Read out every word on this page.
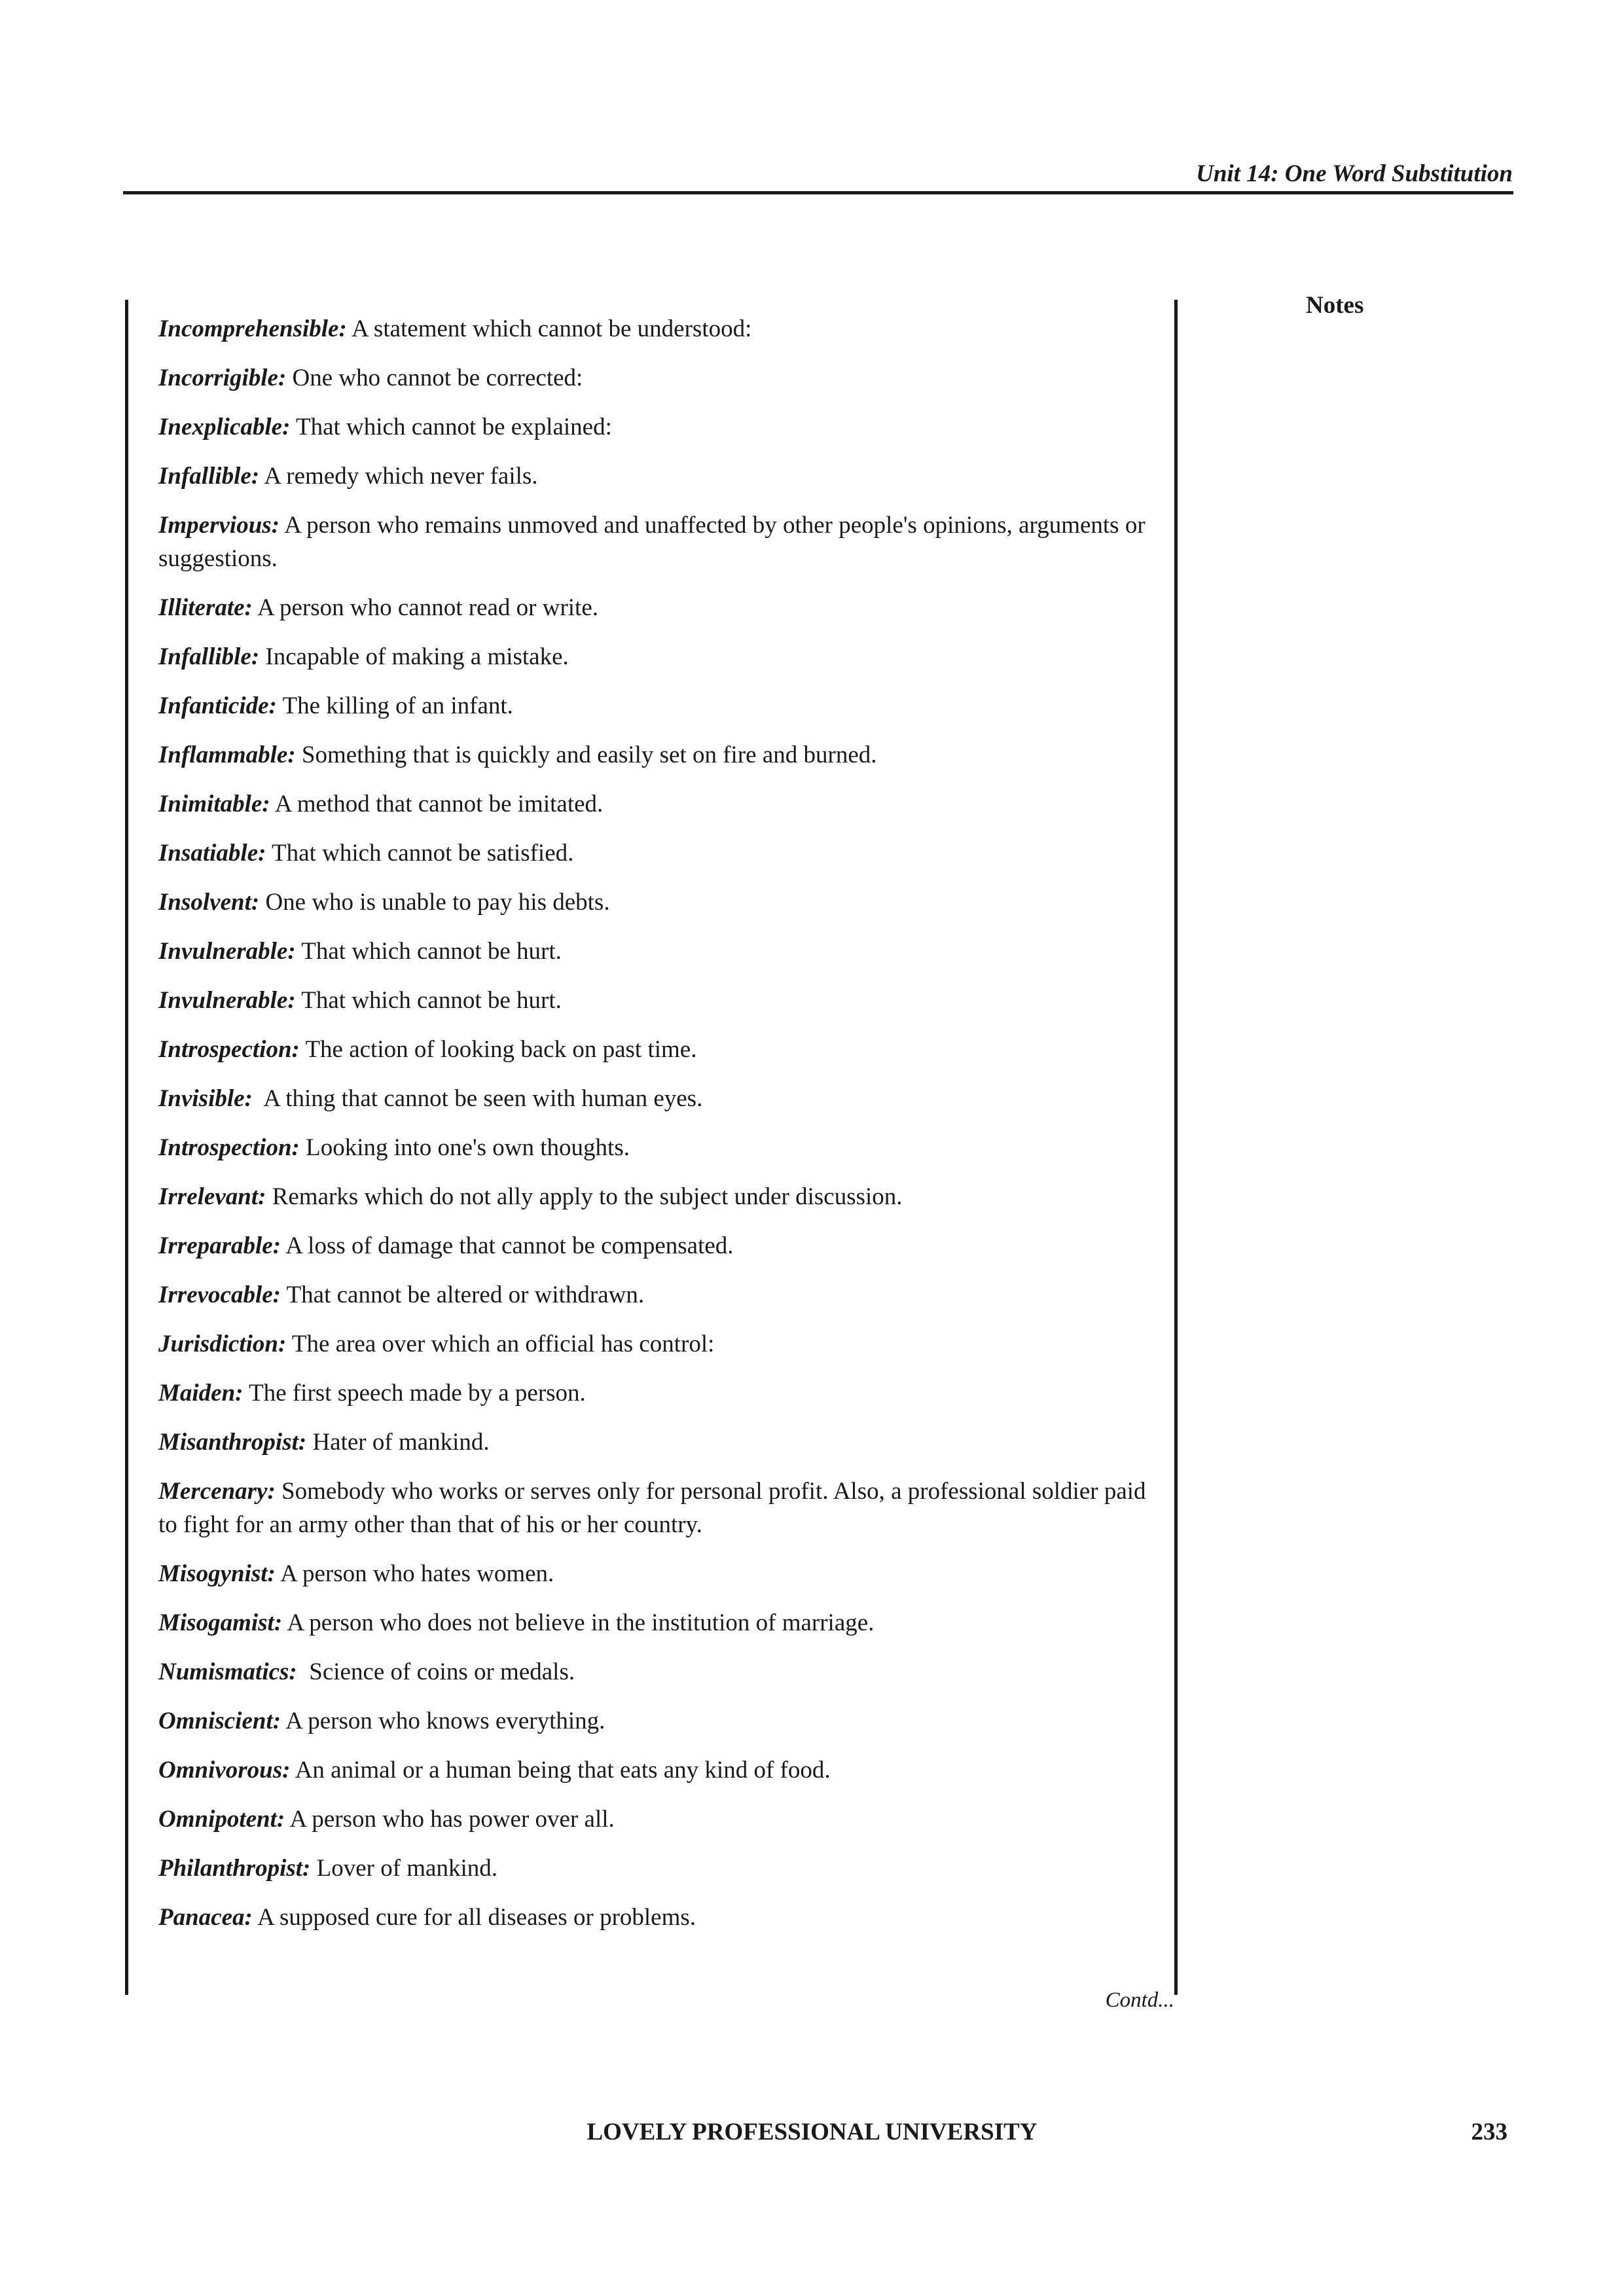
Unit 14: One Word Substitution
Notes

Incomprehensible: A statement which cannot be understood:

Incorrigible: One who cannot be corrected:

Inexplicable: That which cannot be explained:

Infallible: A remedy which never fails.

Impervious: A person who remains unmoved and unaffected by other people's opinions, arguments or suggestions.

Illiterate: A person who cannot read or write.

Infallible: Incapable of making a mistake.

Infanticide: The killing of an infant.

Inflammable: Something that is quickly and easily set on fire and burned.

Inimitable: A method that cannot be imitated.

Insatiable: That which cannot be satisfied.

Insolvent: One who is unable to pay his debts.

Invulnerable: That which cannot be hurt.

Invulnerable: That which cannot be hurt.

Introspection: The action of looking back on past time.

Invisible:  A thing that cannot be seen with human eyes.

Introspection: Looking into one's own thoughts.

Irrelevant: Remarks which do not ally apply to the subject under discussion.

Irreparable: A loss of damage that cannot be compensated.

Irrevocable: That cannot be altered or withdrawn.

Jurisdiction: The area over which an official has control:

Maiden: The first speech made by a person.

Misanthropist: Hater of mankind.

Mercenary: Somebody who works or serves only for personal profit. Also, a professional soldier paid to fight for an army other than that of his or her country.

Misogynist: A person who hates women.

Misogamist: A person who does not believe in the institution of marriage.

Numismatics:  Science of coins or medals.

Omniscient: A person who knows everything.

Omnivorous: An animal or a human being that eats any kind of food.

Omnipotent: A person who has power over all.

Philanthropist: Lover of mankind.

Panacea: A supposed cure for all diseases or problems.

Contd...
LOVELY PROFESSIONAL UNIVERSITY	233
